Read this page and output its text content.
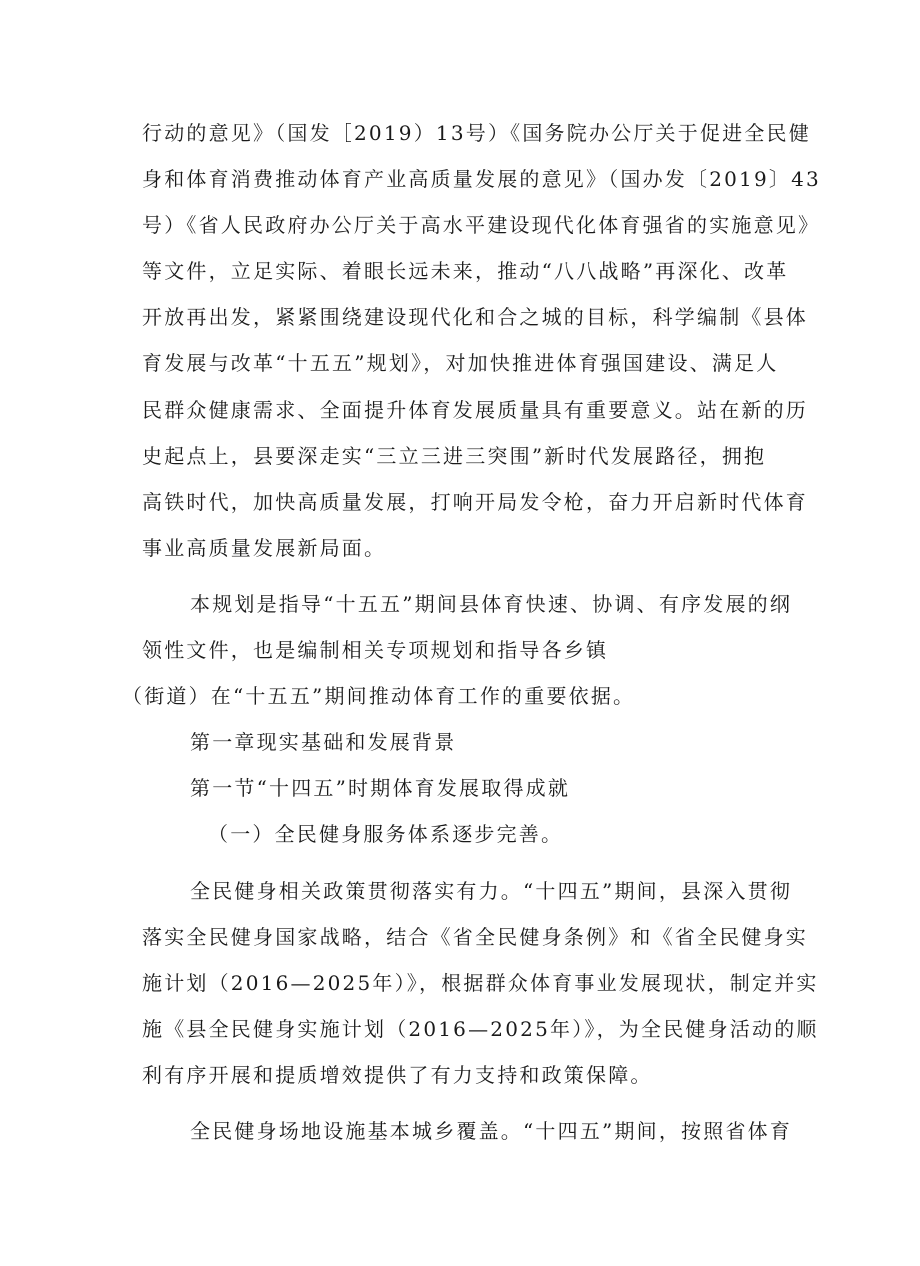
行动的意见》（国发［2019）13号）《国务院办公厅关于促进全民健
身和体育消费推动体育产业高质量发展的意见》（国办发〔2019〕43
号）《省人民政府办公厅关于高水平建设现代化体育强省的实施意见》
等文件，立足实际、着眼长远未来，推动“八八战略”再深化、改革
开放再出发，紧紧围绕建设现代化和合之城的目标，科学编制《县体
育发展与改革“十五五”规划》，对加快推进体育强国建设、满足人
民群众健康需求、全面提升体育发展质量具有重要意义。站在新的历
史起点上，县要深走实“三立三进三突围”新时代发展路径，拥抱
高铁时代，加快高质量发展，打响开局发令枪，奋力开启新时代体育
事业高质量发展新局面。
本规划是指导“十五五”期间县体育快速、协调、有序发展的纲
领性文件，也是编制相关专项规划和指导各乡镇
（街道）在“十五五”期间推动体育工作的重要依据。
第一章现实基础和发展背景
第一节“十四五”时期体育发展取得成就
（一）全民健身服务体系逐步完善。
全民健身相关政策贯彻落实有力。“十四五”期间，县深入贯彻
落实全民健身国家战略，结合《省全民健身条例》和《省全民健身实
施计划（2016—2025年）》，根据群众体育事业发展现状，制定并实
施《县全民健身实施计划（2016—2025年）》，为全民健身活动的顺
利有序开展和提质增效提供了有力支持和政策保障。
全民健身场地设施基本城乡覆盖。“十四五”期间，按照省体育
